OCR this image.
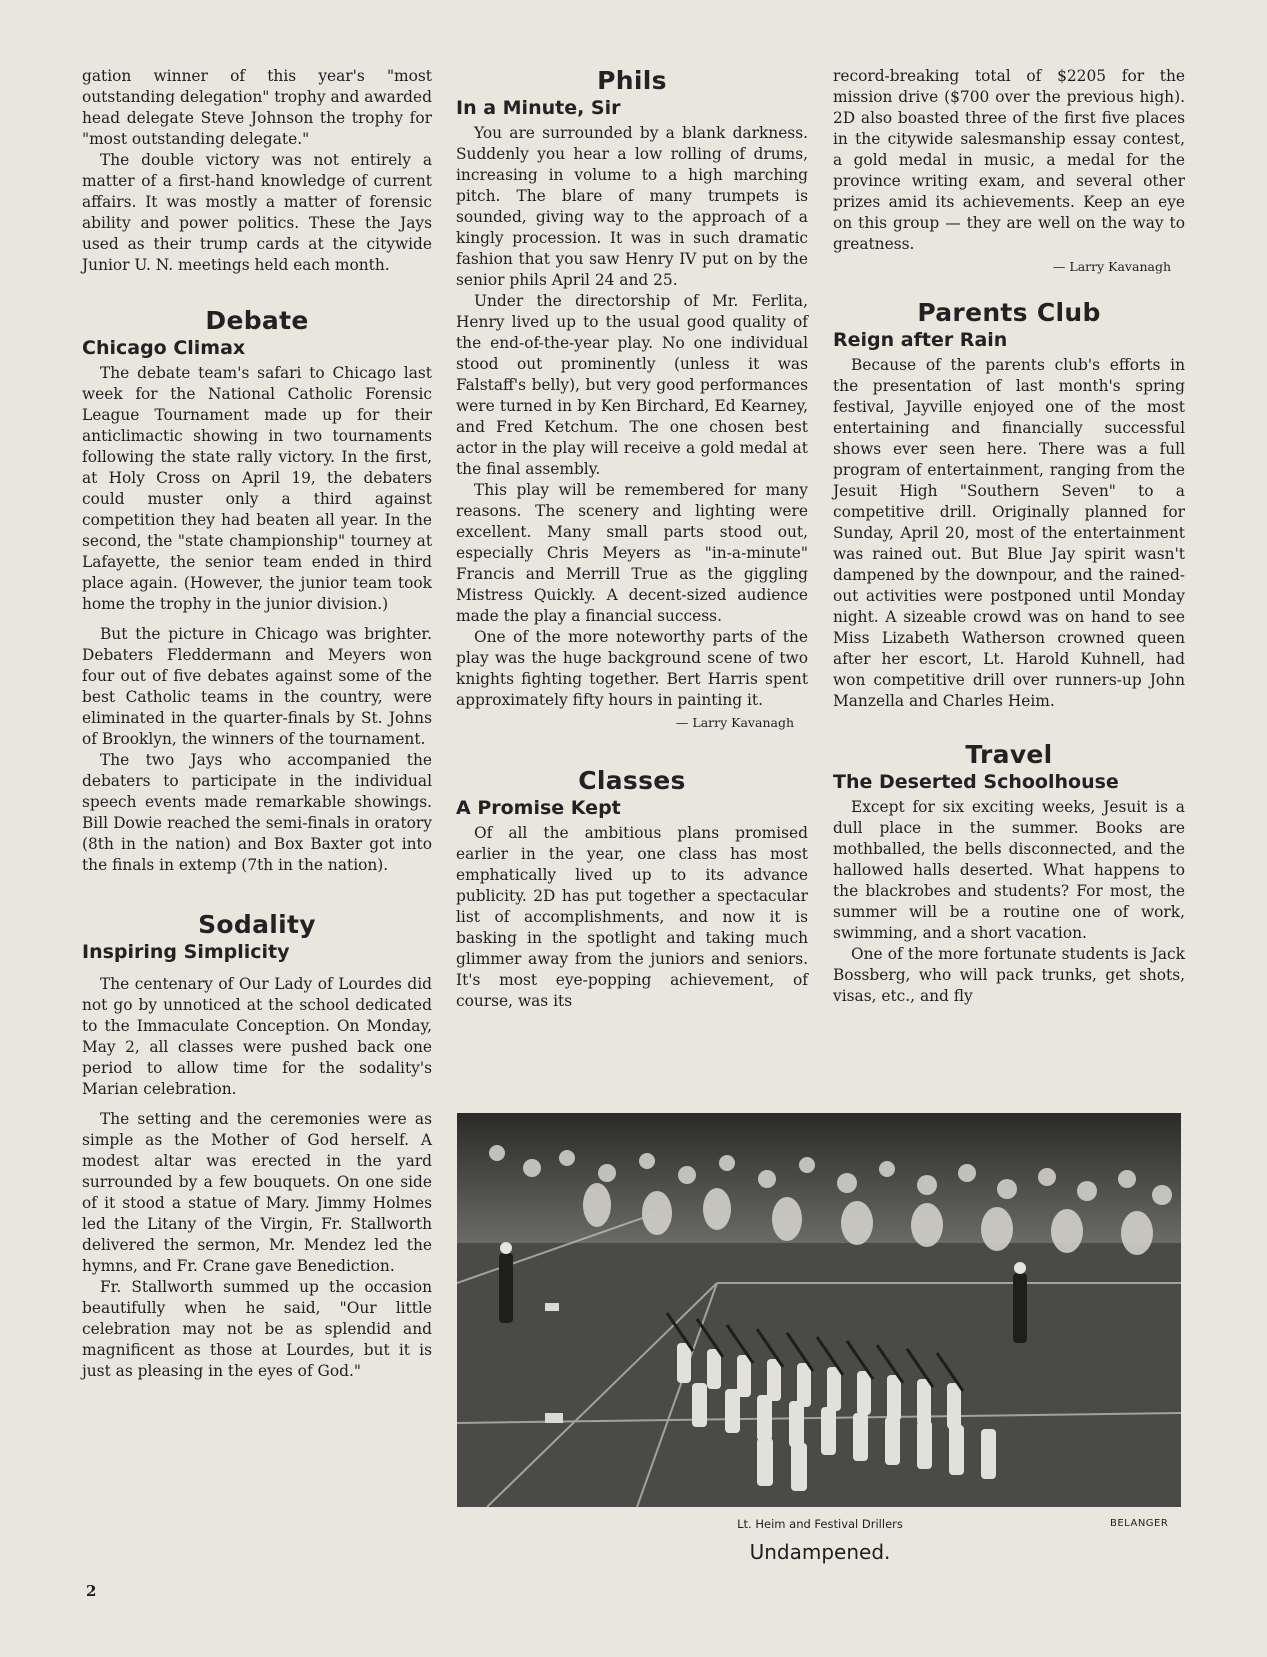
gation winner of this year's "most outstanding delegation" trophy and awarded head delegate Steve Johnson the trophy for "most outstanding delegate."

The double victory was not entirely a matter of a first-hand knowledge of current affairs. It was mostly a matter of forensic ability and power politics. These the Jays used as their trump cards at the citywide Junior U. N. meetings held each month.

Debate
Chicago Climax

The debate team's safari to Chicago last week for the National Catholic Forensic League Tournament made up for their anticlimactic showing in two tournaments following the state rally victory. In the first, at Holy Cross on April 19, the debaters could muster only a third against competition they had beaten all year. In the second, the "state championship" tourney at Lafayette, the senior team ended in third place again. (However, the junior team took home the trophy in the junior division.)

But the picture in Chicago was brighter. Debaters Fleddermann and Meyers won four out of five debates against some of the best Catholic teams in the country, were eliminated in the quarter-finals by St. Johns of Brooklyn, the winners of the tournament.

The two Jays who accompanied the debaters to participate in the individual speech events made remarkable showings. Bill Dowie reached the semi-finals in oratory (8th in the nation) and Box Baxter got into the finals in extemp (7th in the nation).

Sodality
Inspiring Simplicity

The centenary of Our Lady of Lourdes did not go by unnoticed at the school dedicated to the Immaculate Conception. On Monday, May 2, all classes were pushed back one period to allow time for the sodality's Marian celebration.

The setting and the ceremonies were as simple as the Mother of God herself. A modest altar was erected in the yard surrounded by a few bouquets. On one side of it stood a statue of Mary. Jimmy Holmes led the Litany of the Virgin, Fr. Stallworth delivered the sermon, Mr. Mendez led the hymns, and Fr. Crane gave Benediction.

Fr. Stallworth summed up the occasion beautifully when he said, "Our little celebration may not be as splendid and magnificent as those at Lourdes, but it is just as pleasing in the eyes of God."

Phils
In a Minute, Sir

You are surrounded by a blank darkness. Suddenly you hear a low rolling of drums, increasing in volume to a high marching pitch. The blare of many trumpets is sounded, giving way to the approach of a kingly procession. It was in such dramatic fashion that you saw Henry IV put on by the senior phils April 24 and 25.

Under the directorship of Mr. Ferlita, Henry lived up to the usual good quality of the end-of-the-year play. No one individual stood out prominently (unless it was Falstaff's belly), but very good performances were turned in by Ken Birchard, Ed Kearney, and Fred Ketchum. The one chosen best actor in the play will receive a gold medal at the final assembly.

This play will be remembered for many reasons. The scenery and lighting were excellent. Many small parts stood out, especially Chris Meyers as "in-a-minute" Francis and Merrill True as the giggling Mistress Quickly. A decent-sized audience made the play a financial success.

One of the more noteworthy parts of the play was the huge background scene of two knights fighting together. Bert Harris spent approximately fifty hours in painting it.

— Larry Kavanagh
Classes
A Promise Kept

Of all the ambitious plans promised earlier in the year, one class has most emphatically lived up to its advance publicity. 2D has put together a spectacular list of accomplishments, and now it is basking in the spotlight and taking much glimmer away from the juniors and seniors. It's most eye-popping achievement, of course, was its

record-breaking total of $2205 for the mission drive ($700 over the previous high). 2D also boasted three of the first five places in the citywide salesmanship essay contest, a gold medal in music, a medal for the province writing exam, and several other prizes amid its achievements. Keep an eye on this group — they are well on the way to greatness.

— Larry Kavanagh
Parents Club
Reign after Rain

Because of the parents club's efforts in the presentation of last month's spring festival, Jayville enjoyed one of the most entertaining and financially successful shows ever seen here. There was a full program of entertainment, ranging from the Jesuit High "Southern Seven" to a competitive drill. Originally planned for Sunday, April 20, most of the entertainment was rained out. But Blue Jay spirit wasn't dampened by the downpour, and the rained-out activities were postponed until Monday night. A sizeable crowd was on hand to see Miss Lizabeth Watherson crowned queen after her escort, Lt. Harold Kuhnell, had won competitive drill over runners-up John Manzella and Charles Heim.

Travel
The Deserted Schoolhouse

Except for six exciting weeks, Jesuit is a dull place in the summer. Books are mothballed, the bells disconnected, and the hallowed halls deserted. What happens to the blackrobes and students? For most, the summer will be a routine one of work, swimming, and a short vacation.

One of the more fortunate students is Jack Bossberg, who will pack trunks, get shots, visas, etc., and fly

Lt. Heim and Festival Drillers	BELANGER
Undampened.
2
